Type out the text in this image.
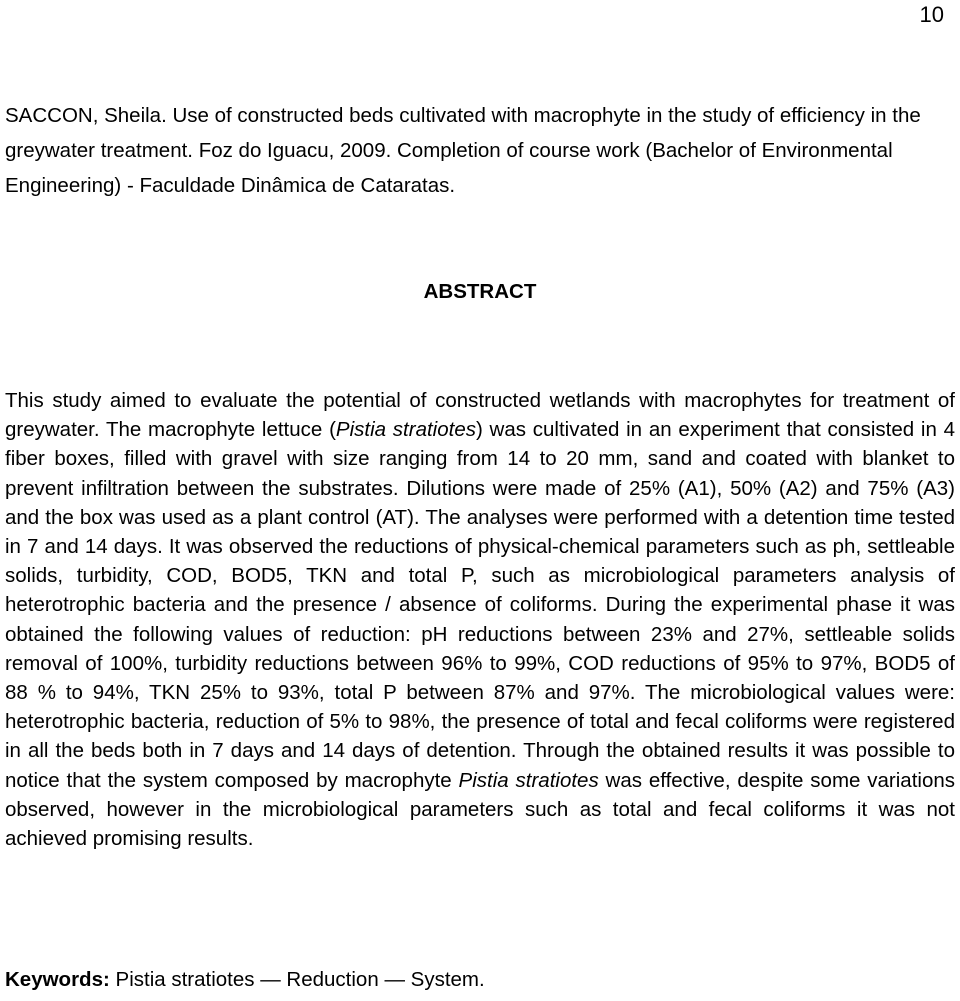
10
SACCON, Sheila. Use of constructed beds cultivated with macrophyte in the study of efficiency in the greywater treatment. Foz do Iguacu, 2009. Completion of course work (Bachelor of Environmental Engineering) - Faculdade Dinâmica de Cataratas.
ABSTRACT
This study aimed to evaluate the potential of constructed wetlands with macrophytes for treatment of greywater. The macrophyte lettuce (Pistia stratiotes) was cultivated in an experiment that consisted in 4 fiber boxes, filled with gravel with size ranging from 14 to 20 mm, sand and coated with blanket to prevent infiltration between the substrates. Dilutions were made of 25% (A1), 50% (A2) and 75% (A3) and the box was used as a plant control (AT). The analyses were performed with a detention time tested in 7 and 14 days. It was observed the reductions of physical-chemical parameters such as ph, settleable solids, turbidity, COD, BOD5, TKN and total P, such as microbiological parameters analysis of heterotrophic bacteria and the presence / absence of coliforms. During the experimental phase it was obtained the following values of reduction: pH reductions between 23% and 27%, settleable solids removal of 100%, turbidity reductions between 96% to 99%, COD reductions of 95% to 97%, BOD5 of 88 % to 94%, TKN 25% to 93%, total P between 87% and 97%. The microbiological values were: heterotrophic bacteria, reduction of 5% to 98%, the presence of total and fecal coliforms were registered in all the beds both in 7 days and 14 days of detention. Through the obtained results it was possible to notice that the system composed by macrophyte Pistia stratiotes was effective, despite some variations observed, however in the microbiological parameters such as total and fecal coliforms it was not achieved promising results.
Keywords: Pistia stratiotes — Reduction — System.
